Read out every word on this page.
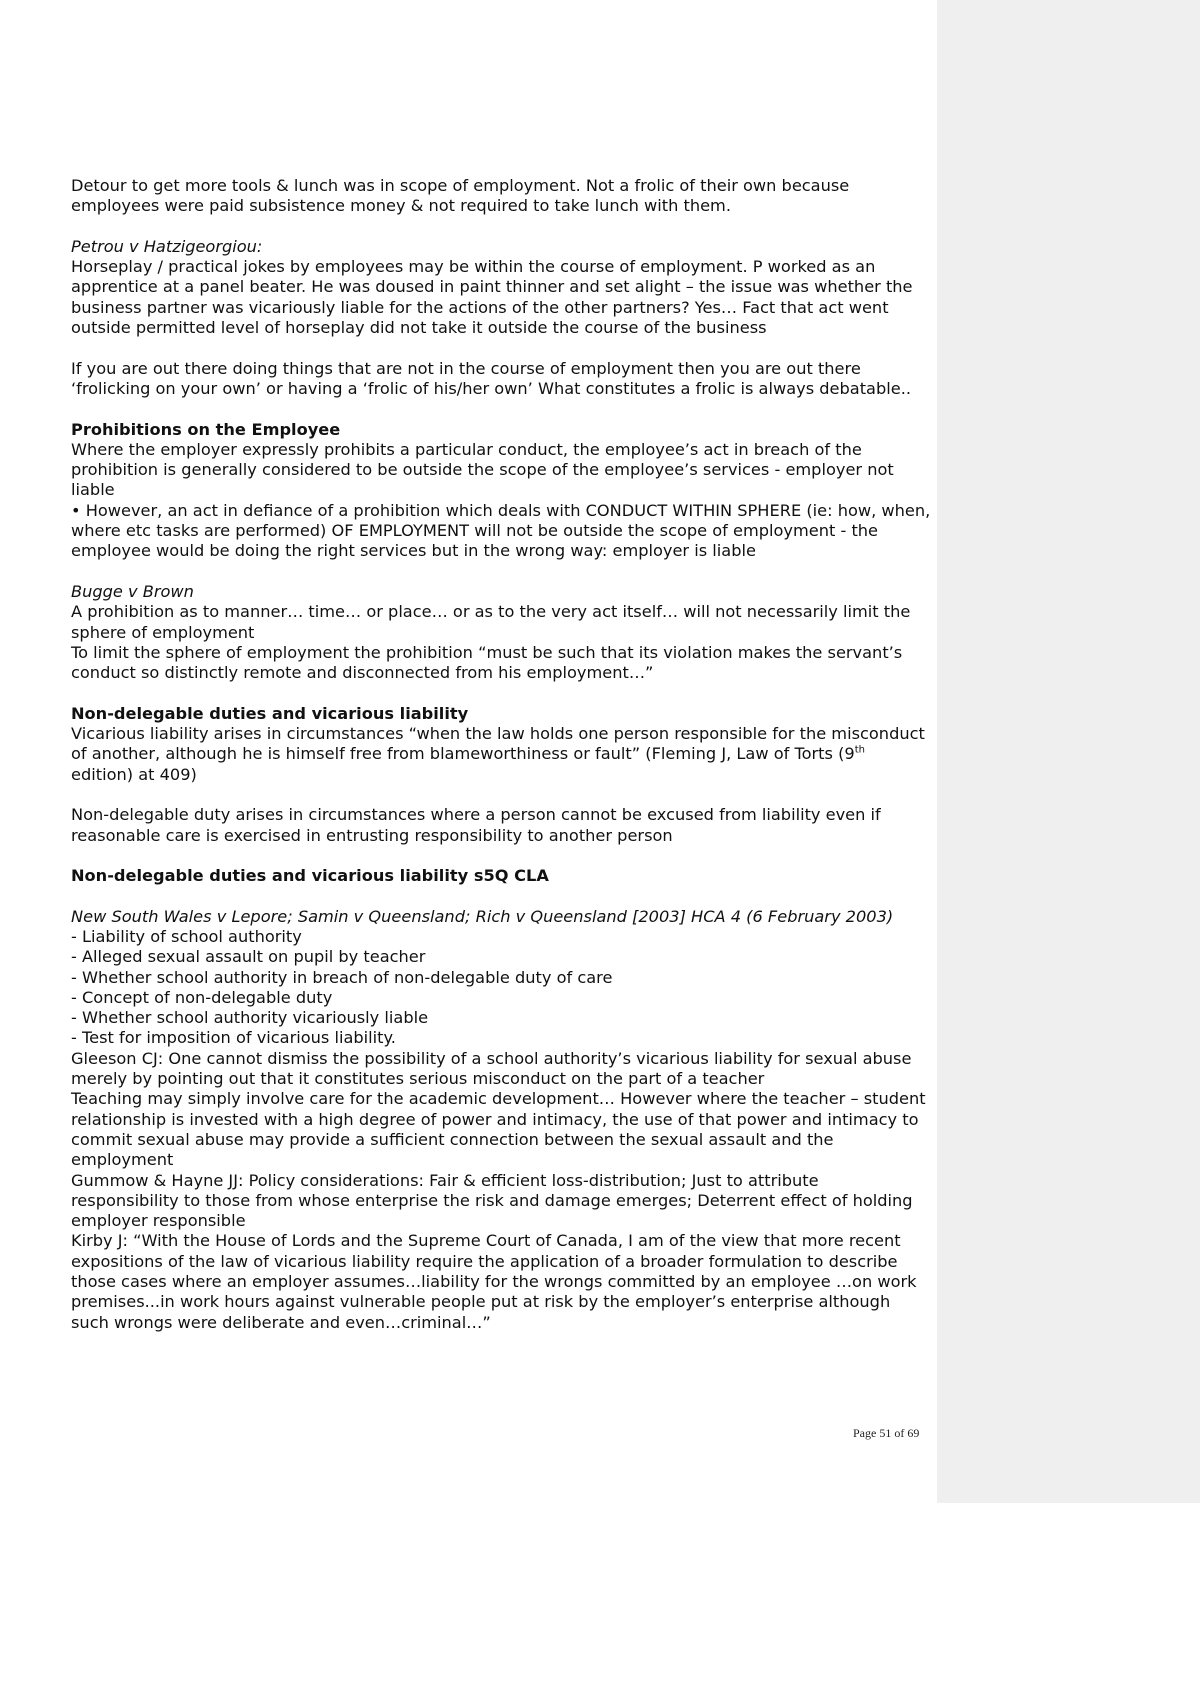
Detour to get more tools & lunch was in scope of employment. Not a frolic of their own because employees were paid subsistence money & not required to take lunch with them.

Petrou v Hatzigeorgiou:

Horseplay / practical jokes by employees may be within the course of employment. P worked as an apprentice at a panel beater. He was doused in paint thinner and set alight – the issue was whether the business partner was vicariously liable for the actions of the other partners? Yes… Fact that act went outside permitted level of horseplay did not take it outside the course of the business

If you are out there doing things that are not in the course of employment then you are out there ‘frolicking on your own’ or having a ‘frolic of his/her own’ What constitutes a frolic is always debatable..

Prohibitions on the Employee

Where the employer expressly prohibits a particular conduct, the employee’s act in breach of the prohibition is generally considered to be outside the scope of the employee’s services - employer not liable

• However, an act in defiance of a prohibition which deals with CONDUCT WITHIN SPHERE (ie: how, when, where etc tasks are performed) OF EMPLOYMENT will not be outside the scope of employment - the employee would be doing the right services but in the wrong way: employer is liable

Bugge v Brown

A prohibition as to manner… time… or place… or as to the very act itself… will not necessarily limit the sphere of employment

To limit the sphere of employment the prohibition “must be such that its violation makes the servant’s conduct so distinctly remote and disconnected from his employment…”

Non-delegable duties and vicarious liability

Vicarious liability arises in circumstances “when the law holds one person responsible for the misconduct of another, although he is himself free from blameworthiness or fault” (Fleming J, Law of Torts (9th edition) at 409)

Non-delegable duty arises in circumstances where a person cannot be excused from liability even if reasonable care is exercised in entrusting responsibility to another person

Non-delegable duties and vicarious liability s5Q CLA

New South Wales v Lepore; Samin v Queensland; Rich v Queensland [2003] HCA 4 (6 February 2003)

- Liability of school authority
- Alleged sexual assault on pupil by teacher
- Whether school authority in breach of non-delegable duty of care
- Concept of non-delegable duty
- Whether school authority vicariously liable
- Test for imposition of vicarious liability.

Gleeson CJ: One cannot dismiss the possibility of a school authority’s vicarious liability for sexual abuse merely by pointing out that it constitutes serious misconduct on the part of a teacher

Teaching may simply involve care for the academic development… However where the teacher – student relationship is invested with a high degree of power and intimacy, the use of that power and intimacy to commit sexual abuse may provide a sufficient connection between the sexual assault and the employment

Gummow & Hayne JJ: Policy considerations: Fair & efficient loss-distribution; Just to attribute responsibility to those from whose enterprise the risk and damage emerges; Deterrent effect of holding employer responsible

Kirby J: “With the House of Lords and the Supreme Court of Canada, I am of the view that more recent expositions of the law of vicarious liability require the application of a broader formulation to describe those cases where an employer assumes…liability for the wrongs committed by an employee …on work premises...in work hours against vulnerable people put at risk by the employer’s enterprise although such wrongs were deliberate and even…criminal…”

Page 51 of 69
